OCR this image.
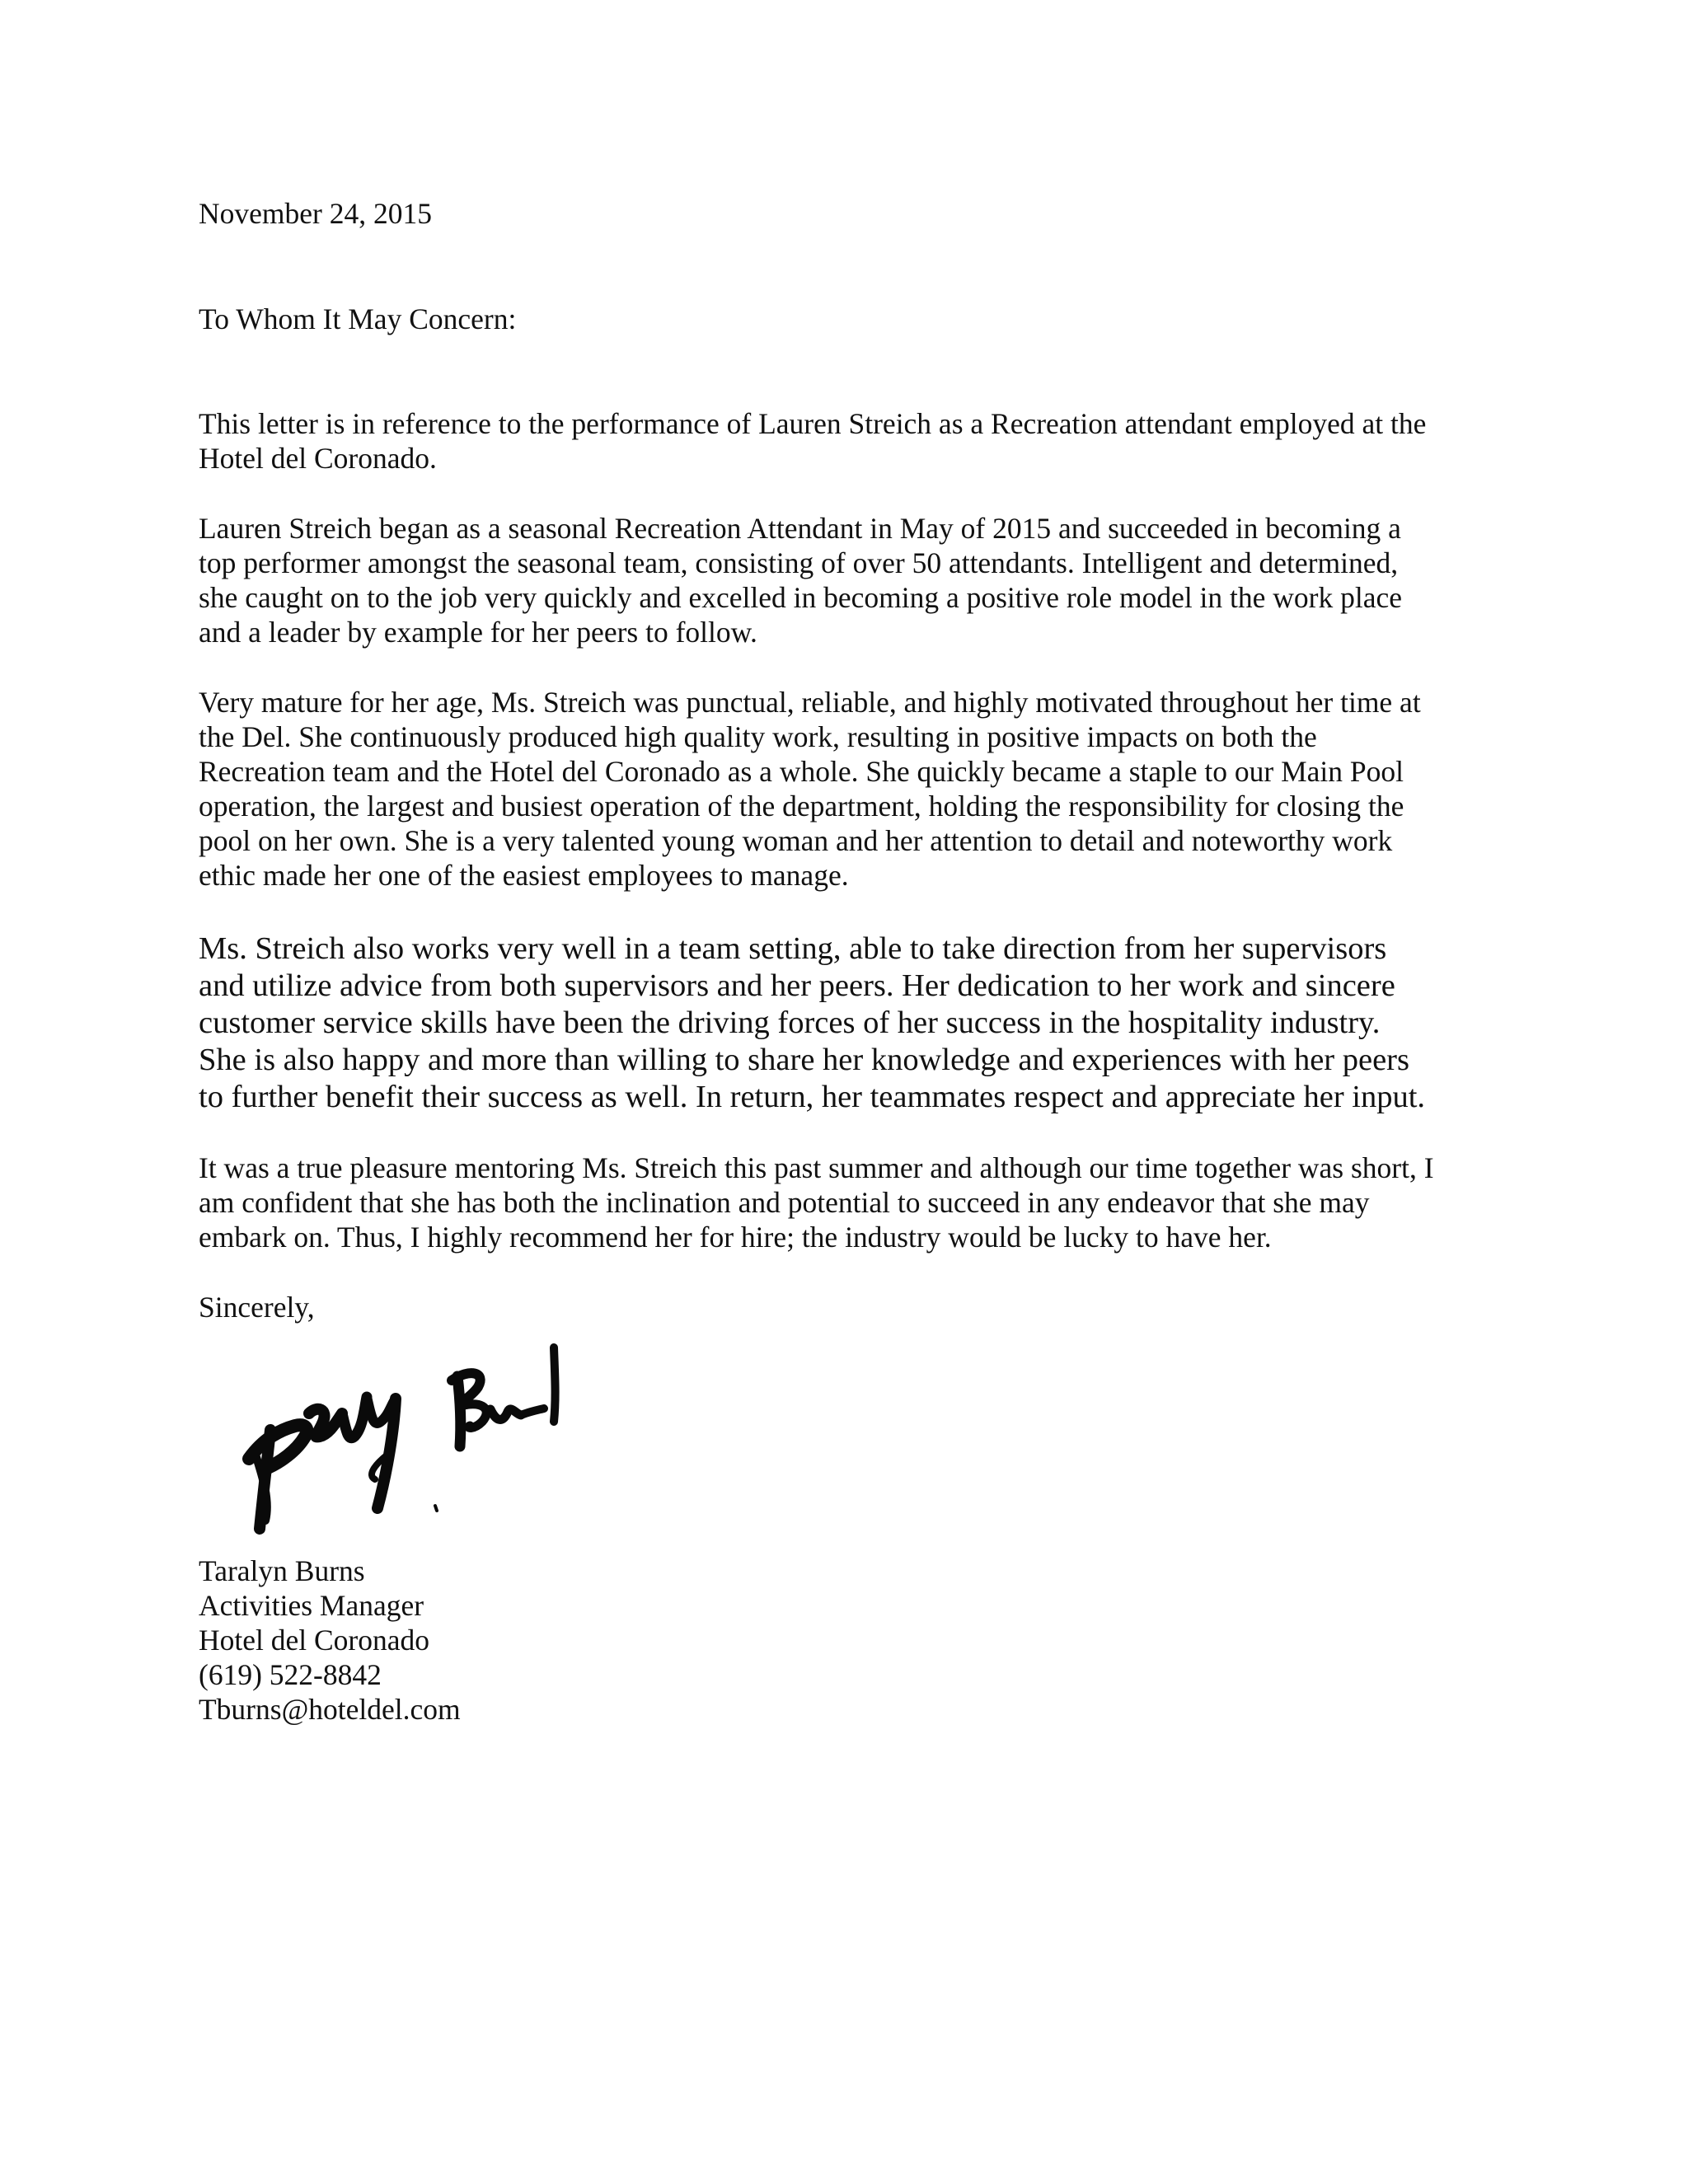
November 24, 2015

To Whom It May Concern:

This letter is in reference to the performance of Lauren Streich as a Recreation attendant employed at the
Hotel del Coronado.
Lauren Streich began as a seasonal Recreation Attendant in May of 2015 and succeeded in becoming a
top performer amongst the seasonal team, consisting of over 50 attendants. Intelligent and determined,
she caught on to the job very quickly and excelled in becoming a positive role model in the work place
and a leader by example for her peers to follow.
Very mature for her age, Ms. Streich was punctual, reliable, and highly motivated throughout her time at
the Del. She continuously produced high quality work, resulting in positive impacts on both the
Recreation team and the Hotel del Coronado as a whole. She quickly became a staple to our Main Pool
operation, the largest and busiest operation of the department, holding the responsibility for closing the
pool on her own. She is a very talented young woman and her attention to detail and noteworthy work
ethic made her one of the easiest employees to manage.
Ms. Streich also works very well in a team setting, able to take direction from her supervisors
and utilize advice from both supervisors and her peers. Her dedication to her work and sincere
customer service skills have been the driving forces of her success in the hospitality industry.
She is also happy and more than willing to share her knowledge and experiences with her peers
to further benefit their success as well. In return, her teammates respect and appreciate her input.
It was a true pleasure mentoring Ms. Streich this past summer and although our time together was short, I
am confident that she has both the inclination and potential to succeed in any endeavor that she may
embark on. Thus, I highly recommend her for hire; the industry would be lucky to have her.

Sincerely,

Taralyn Burns
Activities Manager
Hotel del Coronado
(619) 522-8842
Tburns@hoteldel.com
